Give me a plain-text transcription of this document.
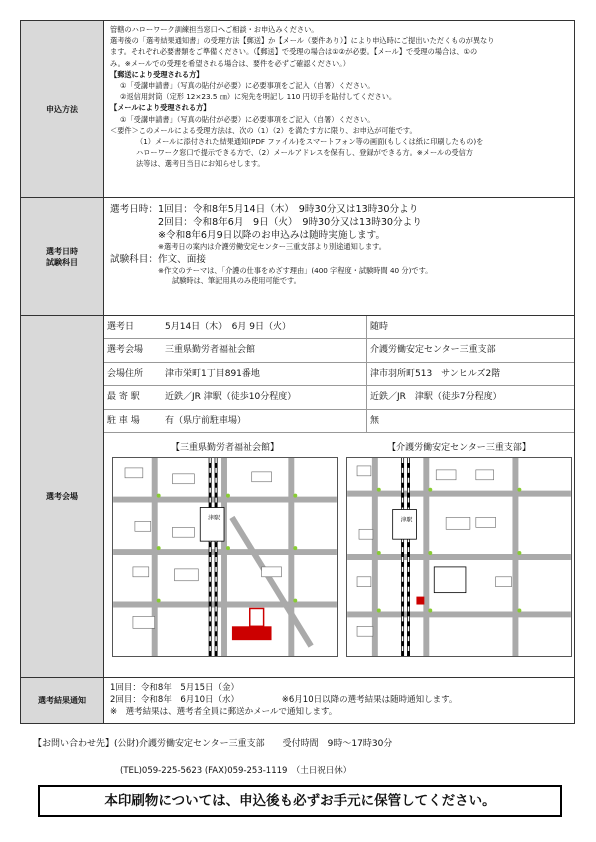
申込方法

管轄のハローワーク訓練担当窓口へご相談・お申込みください。

選考後の「選考結果通知書」の受理方法【郵送】か【メール（要件あり）】により申込時にご提出いただくものが異なり

ます。それぞれ必要書類をご準備ください。（【郵送】で受理の場合は①②が必要。【メール】で受理の場合は、①の

み。※メールでの受理を希望される場合は、要件を必ずご確認ください。）

【郵送により受理される方】

①「受講申請書」（写真の貼付が必要）に必要事項をご記入（自署）ください。

②返信用封筒（定形 12×23.5 ㎝）に宛先を明記し 110 円切手を貼付してください。

【メールにより受理される方】

①「受講申請書」（写真の貼付が必要）に必要事項をご記入（自署）ください。

＜要件＞このメールによる受理方法は、次の（1）（2）を満たす方に限り、お申込が可能です。

（1）メールに添付された結果通知(PDF ファイル)をスマートフォン等の画面(もしくは紙に印刷したもの)を

ハローワーク窓口で提示できる方で、（2）メールアドレスを保有し、登録ができる方。※メールの受信方

法等は、選考日当日にお知らせします。

選考日時
試験科目

選考日時：1回目：令和8年5月14日（木）　9時30分又は13時30分より

2回目：令和8年6月　9日（火）　9時30分又は13時30分より

※令和8年6月9日以降のお申込みは随時実施します。

※選考日の案内は介護労働安定センター三重支部より別途通知します。

試験科目：作文、面接

※作文のテーマは、「介護の仕事をめざす理由」(400 字程度・試験時間 40 分)です。

試験時は、筆記用具のみ使用可能です。

選考会場
選考日	5月14日（木）　6月 9日（火）	随時
選考会場	三重県勤労者福祉会館	介護労働安定センター三重支部
会場住所	津市栄町1丁目891番地	津市羽所町513　サンヒルズ2階
最 寄 駅	近鉄／JR 津駅（徒歩10分程度）	近鉄／JR　津駅（徒歩7分程度）
駐 車 場	有（県庁前駐車場）	無
【三重県勤労者福祉会館】
津駅
【介護労働安定センター三重支部】
津駅
選考結果通知

1回目：令和8年　5月15日（金）

2回目：令和8年　6月10日（水）	※6月10日以降の選考結果は随時通知します。

※　選考結果は、選考者全員に郵送かメールで通知します。

【お問い合わせ先】(公財)介護労働安定センター三重支部　　受付時間　9時～17時30分
(TEL)059-225-5623 (FAX)059-253-1119　（土日祝日休）
本印刷物については、申込後も必ずお手元に保管してください。
